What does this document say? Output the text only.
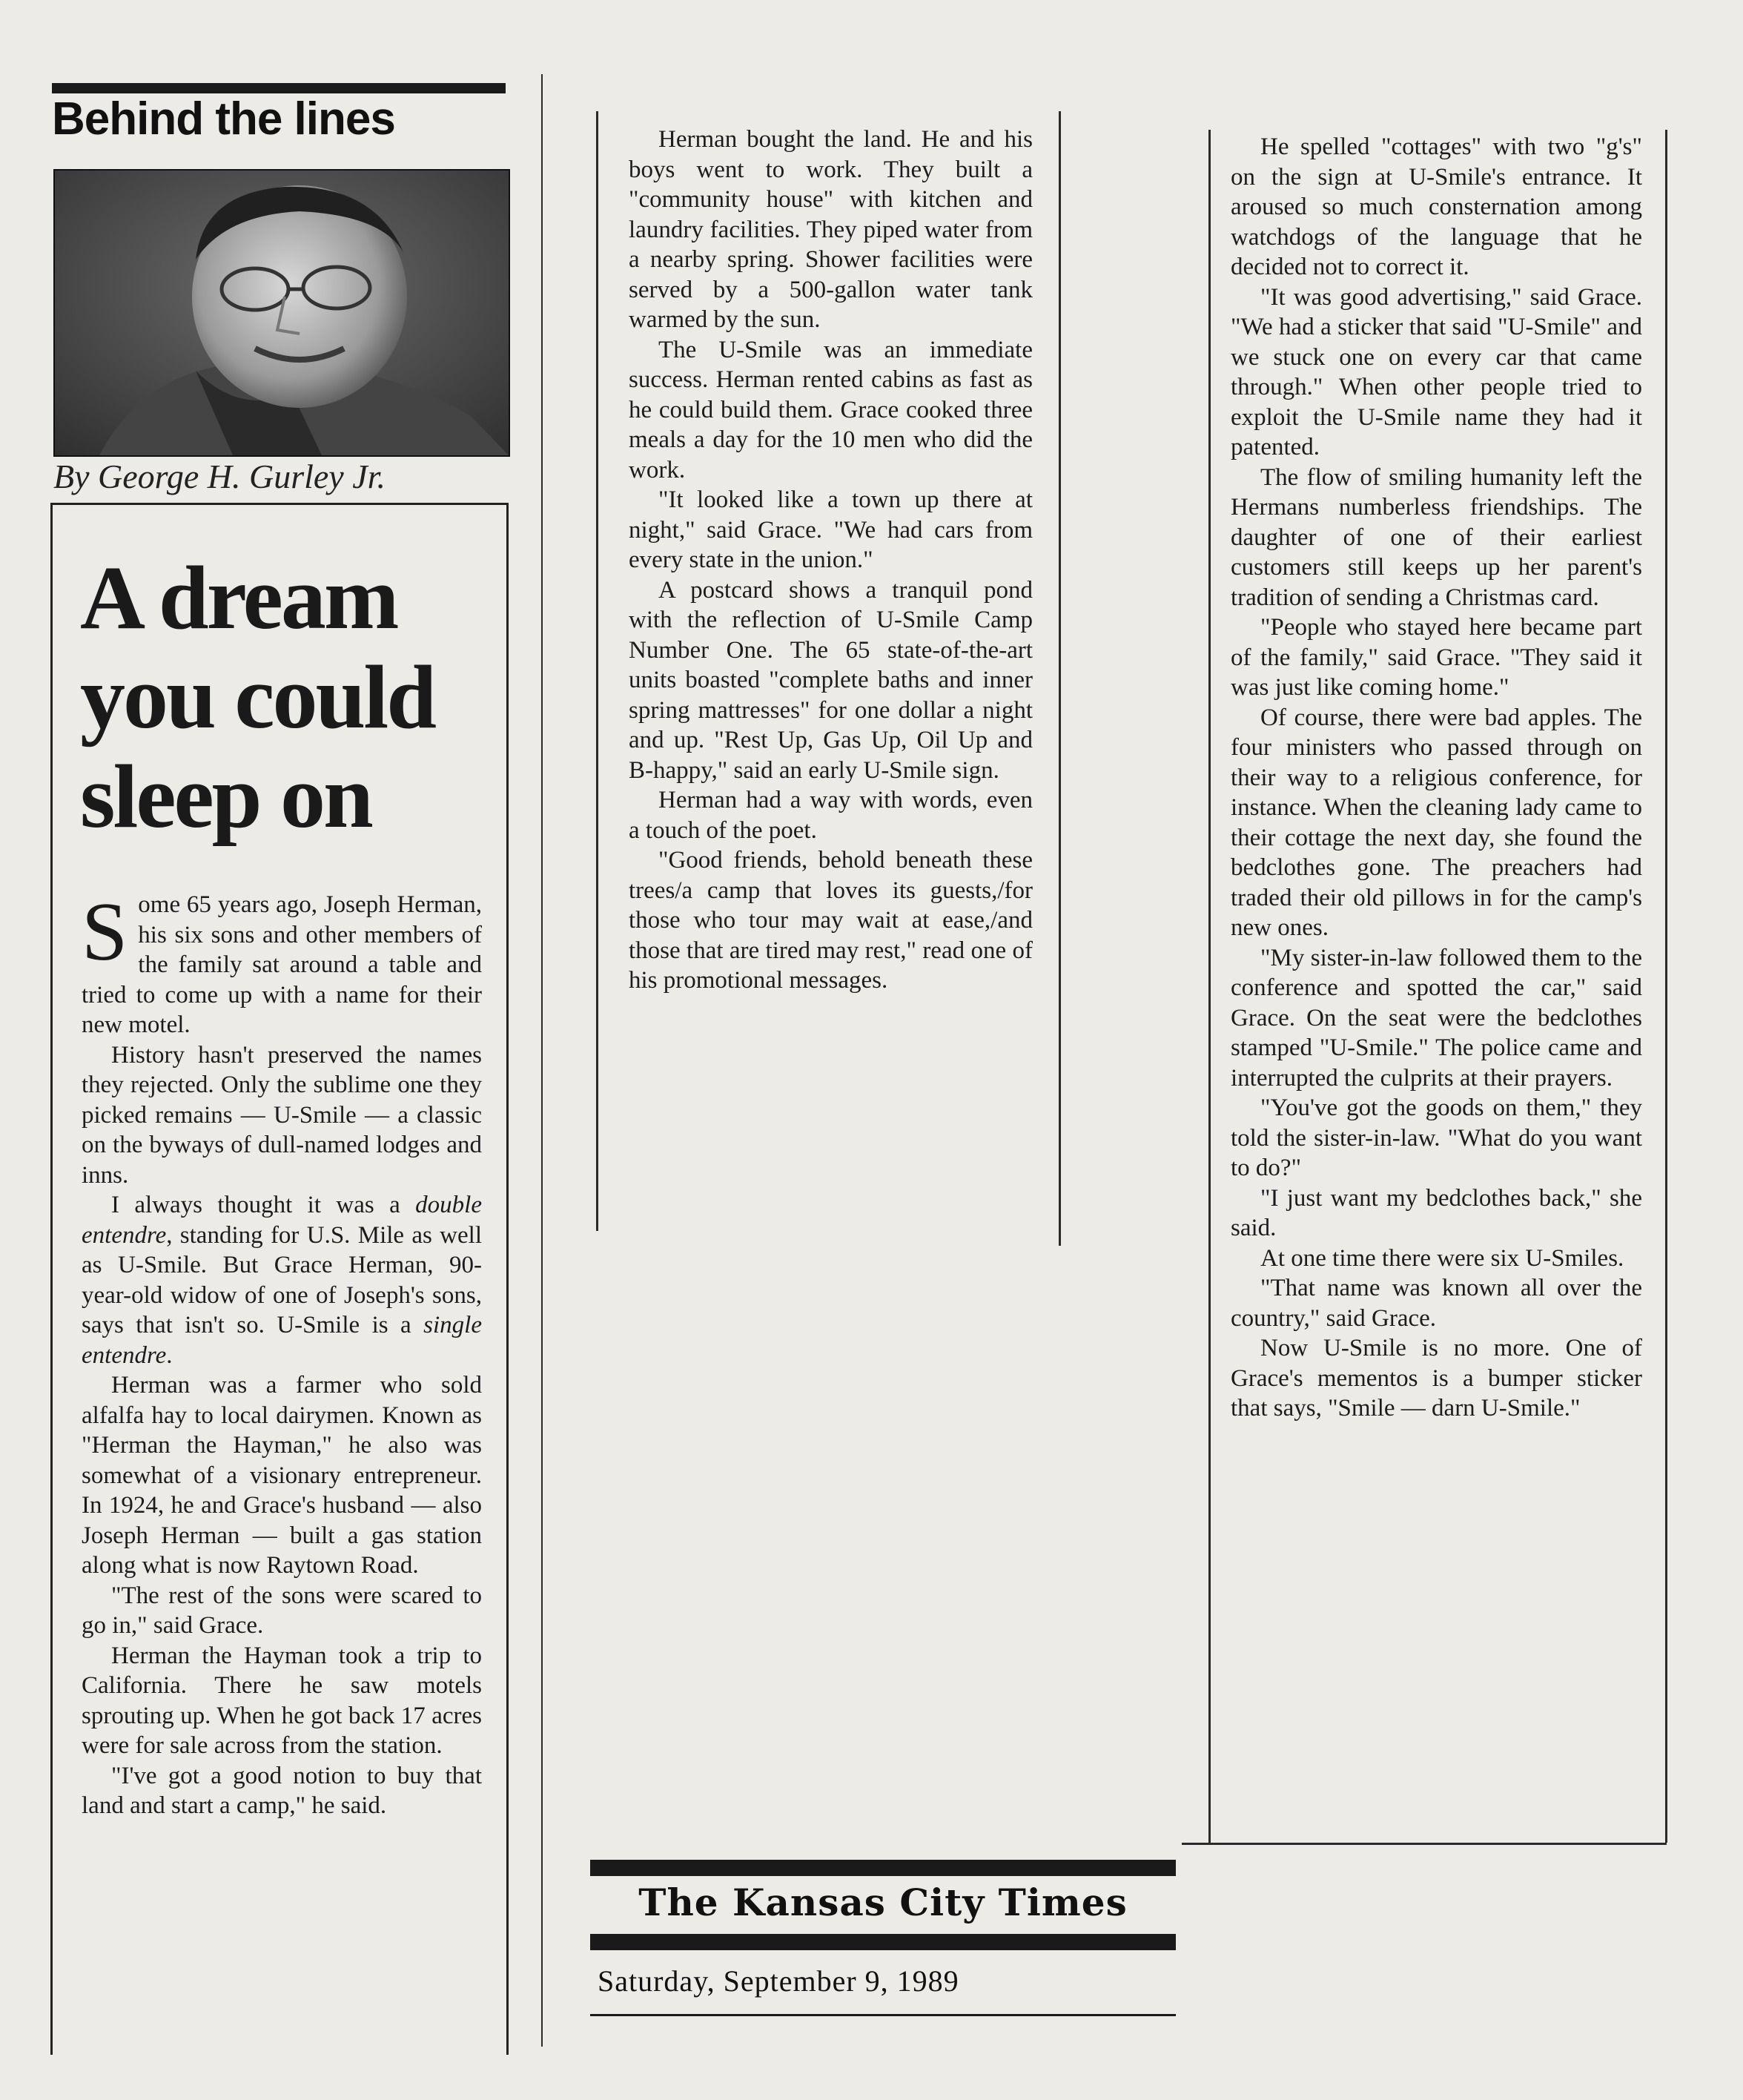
Behind the lines
By George H. Gurley Jr.
A dream
you could
sleep on

Some 65 years ago, Joseph Herman, his six sons and other members of the family sat around a table and tried to come up with a name for their new motel.

History hasn't preserved the names they rejected. Only the sublime one they picked remains — U-Smile — a classic on the byways of dull-named lodges and inns.

I always thought it was a double entendre, standing for U.S. Mile as well as U-Smile. But Grace Herman, 90-year-old widow of one of Joseph's sons, says that isn't so. U-Smile is a single entendre.

Herman was a farmer who sold alfalfa hay to local dairymen. Known as "Herman the Hayman," he also was somewhat of a visionary entrepreneur. In 1924, he and Grace's husband — also Joseph Herman — built a gas station along what is now Raytown Road.

"The rest of the sons were scared to go in," said Grace.

Herman the Hayman took a trip to California. There he saw motels sprouting up. When he got back 17 acres were for sale across from the station.

"I've got a good notion to buy that land and start a camp," he said.

Herman bought the land. He and his boys went to work. They built a "community house" with kitchen and laundry facilities. They piped water from a nearby spring. Shower facilities were served by a 500-gallon water tank warmed by the sun.

The U-Smile was an immediate success. Herman rented cabins as fast as he could build them. Grace cooked three meals a day for the 10 men who did the work.

"It looked like a town up there at night," said Grace. "We had cars from every state in the union."

A postcard shows a tranquil pond with the reflection of U-Smile Camp Number One. The 65 state-of-the-art units boasted "complete baths and inner spring mattresses" for one dollar a night and up. "Rest Up, Gas Up, Oil Up and B-happy," said an early U-Smile sign.

Herman had a way with words, even a touch of the poet.

"Good friends, behold beneath these trees/a camp that loves its guests,/for those who tour may wait at ease,/and those that are tired may rest," read one of his promotional messages.

He spelled "cottages" with two "g's" on the sign at U-Smile's entrance. It aroused so much consternation among watchdogs of the language that he decided not to correct it.

"It was good advertising," said Grace. "We had a sticker that said "U-Smile" and we stuck one on every car that came through." When other people tried to exploit the U-Smile name they had it patented.

The flow of smiling humanity left the Hermans numberless friendships. The daughter of one of their earliest customers still keeps up her parent's tradition of sending a Christmas card.

"People who stayed here became part of the family," said Grace. "They said it was just like coming home."

Of course, there were bad apples. The four ministers who passed through on their way to a religious conference, for instance. When the cleaning lady came to their cottage the next day, she found the bedclothes gone. The preachers had traded their old pillows in for the camp's new ones.

"My sister-in-law followed them to the conference and spotted the car," said Grace. On the seat were the bedclothes stamped "U-Smile." The police came and interrupted the culprits at their prayers.

"You've got the goods on them," they told the sister-in-law. "What do you want to do?"

"I just want my bedclothes back," she said.

At one time there were six U-Smiles.

"That name was known all over the country," said Grace.

Now U-Smile is no more. One of Grace's mementos is a bumper sticker that says, "Smile — darn U-Smile."

The Kansas City Times
Saturday, September 9, 1989
